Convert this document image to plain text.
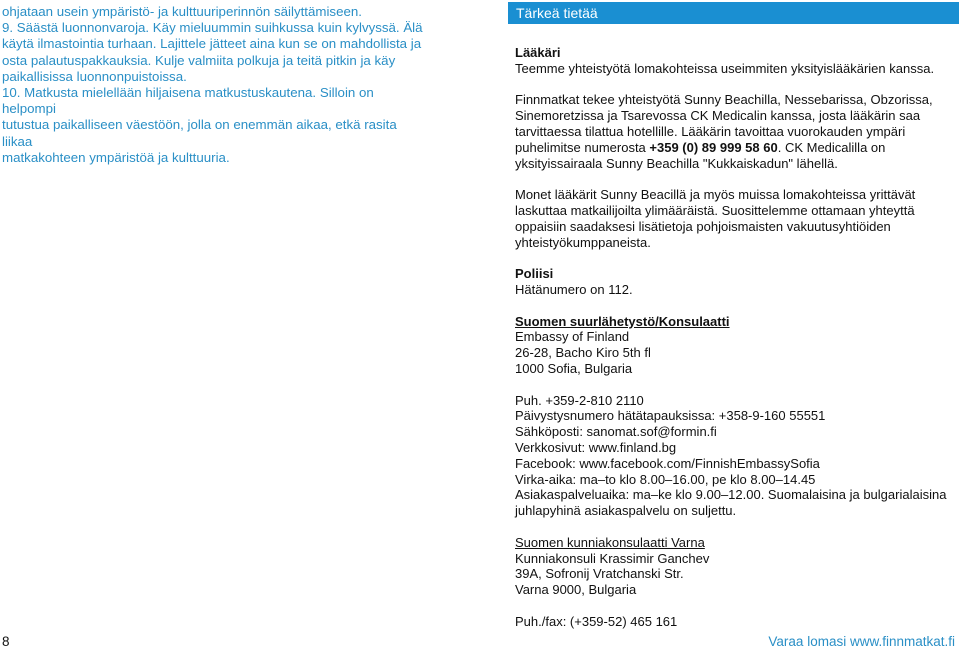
ohjataan usein ympäristö- ja kulttuuriperinnön säilyttämiseen.

9. Säästä luonnonvaroja. Käy mieluummin suihkussa kuin kylvyssä. Älä

käytä ilmastointia turhaan. Lajittele jätteet aina kun se on mahdollista ja

osta palautuspakkauksia. Kulje valmiita polkuja ja teitä pitkin ja käy

paikallisissa luonnonpuistoissa.

10. Matkusta mielellään hiljaisena matkustuskautena. Silloin on helpompi

tutustua paikalliseen väestöön, jolla on enemmän aikaa, etkä rasita liikaa

matkakohteen ympäristöä ja kulttuuria.

Tärkeä tietää

Lääkäri

Teemme yhteistyötä lomakohteissa useimmiten yksityislääkärien kanssa.

Finnmatkat tekee yhteistyötä Sunny Beachilla, Nessebarissa, Obzorissa,

Sinemoretzissa ja Tsarevossa CK Medicalin kanssa, josta lääkärin saa

tarvittaessa tilattua hotellille. Lääkärin tavoittaa vuorokauden ympäri

puhelimitse numerosta +359 (0) 89 999 58 60. CK Medicalilla on

yksityissairaala Sunny Beachilla "Kukkaiskadun" lähellä.

Monet lääkärit Sunny Beacillä ja myös muissa lomakohteissa yrittävät

laskuttaa matkailijoilta ylimääräistä. Suosittelemme ottamaan yhteyttä

oppaisiin saadaksesi lisätietoja pohjoismaisten vakuutusyhtiöiden

yhteistyökumppaneista.

Poliisi

Hätänumero on 112.

Suomen suurlähetystö/Konsulaatti

Embassy of Finland

26-28, Bacho Kiro 5th fl

1000 Sofia, Bulgaria

Puh. +359-2-810 2110

Päivystysnumero hätätapauksissa: +358-9-160 55551

Sähköposti: sanomat.sof@formin.fi

Verkkosivut: www.finland.bg

Facebook: www.facebook.com/FinnishEmbassySofia

Virka-aika: ma–to klo 8.00–16.00, pe klo 8.00–14.45

Asiakaspalveluaika: ma–ke klo 9.00–12.00. Suomalaisina ja bulgarialaisina

juhlapyhinä asiakaspalvelu on suljettu.

Suomen kunniakonsulaatti Varna

Kunniakonsuli Krassimir Ganchev

39A, Sofronij Vratchanski Str.

Varna 9000, Bulgaria

Puh./fax: (+359-52) 465 161

8	Varaa lomasi www.finnmatkat.fi
